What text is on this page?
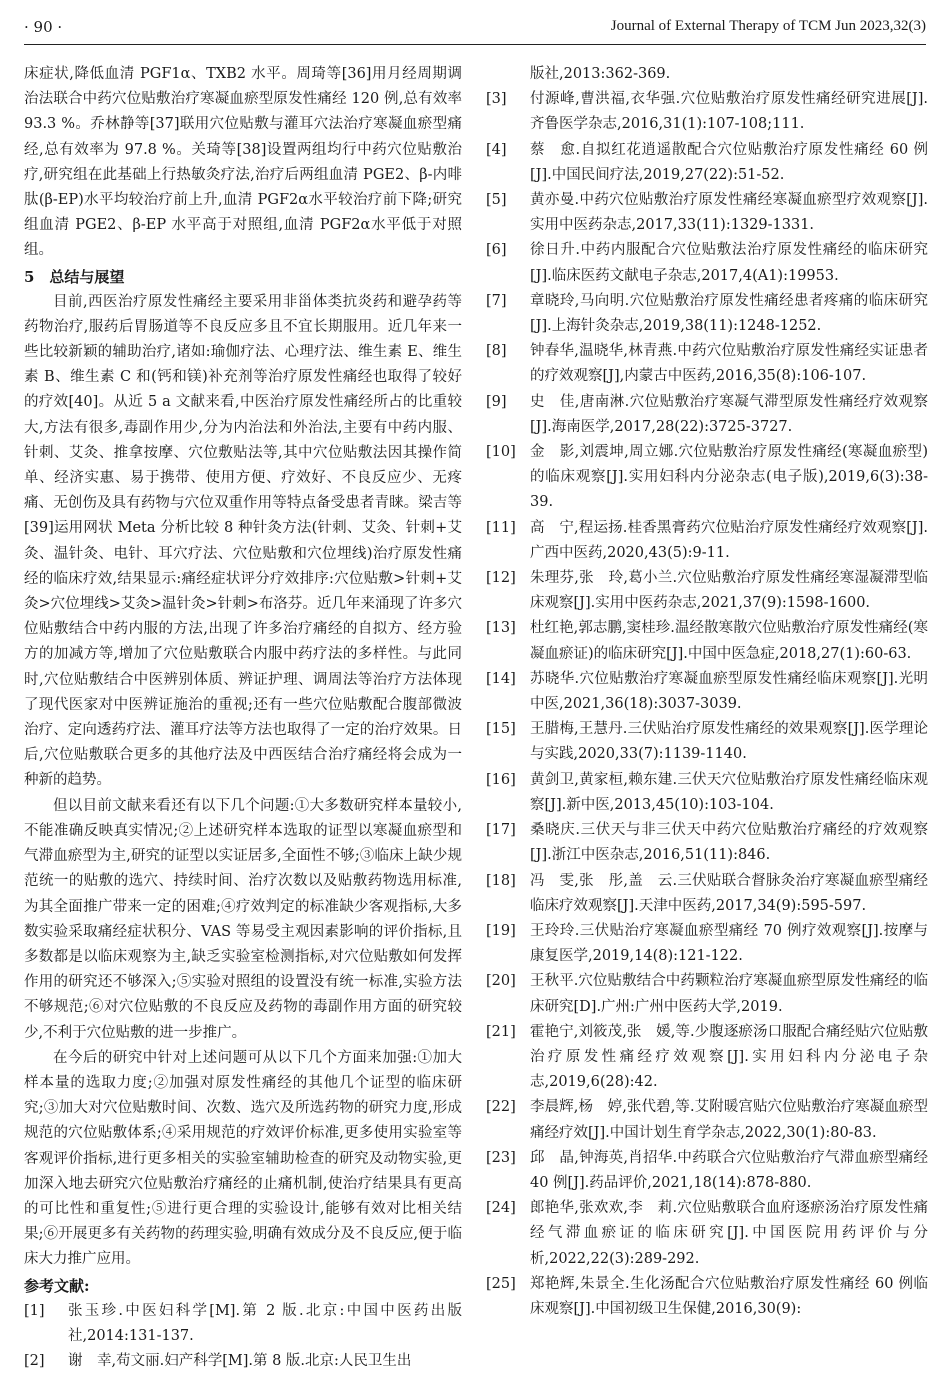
· 90 ·	Journal of External Therapy of TCM Jun 2023,32(3)

床症状,降低血清 PGF1α、TXB2 水平。周琦等[36]用月经周期调治法联合中药穴位贴敷治疗寒凝血瘀型原发性痛经 120 例,总有效率 93.3 %。乔林静等[37]联用穴位贴敷与灌耳穴法治疗寒凝血瘀型痛经,总有效率为 97.8 %。关琦等[38]设置两组均行中药穴位贴敷治疗,研究组在此基础上行热敏灸疗法,治疗后两组血清 PGE2、β-内啡肽(β-EP)水平均较治疗前上升,血清 PGF2α水平较治疗前下降;研究组血清 PGE2、β-EP 水平高于对照组,血清 PGF2α水平低于对照组。

5　总结与展望

目前,西医治疗原发性痛经主要采用非甾体类抗炎药和避孕药等药物治疗,服药后胃肠道等不良反应多且不宜长期服用。近几年来一些比较新颖的辅助治疗,诸如:瑜伽疗法、心理疗法、维生素 E、维生素 B、维生素 C 和(钙和镁)补充剂等治疗原发性痛经也取得了较好的疗效[40]。从近 5 a 文献来看,中医治疗原发性痛经所占的比重较大,方法有很多,毒副作用少,分为内治法和外治法,主要有中药内服、针刺、艾灸、推拿按摩、穴位敷贴法等,其中穴位贴敷法因其操作简单、经济实惠、易于携带、使用方便、疗效好、不良反应少、无疼痛、无创伤及具有药物与穴位双重作用等特点备受患者青睐。梁吉等[39]运用网状 Meta 分析比较 8 种针灸方法(针刺、艾灸、针刺+艾灸、温针灸、电针、耳穴疗法、穴位贴敷和穴位埋线)治疗原发性痛经的临床疗效,结果显示:痛经症状评分疗效排序:穴位贴敷>针刺+艾灸>穴位埋线>艾灸>温针灸>针刺>布洛芬。近几年来涌现了许多穴位贴敷结合中药内服的方法,出现了许多治疗痛经的自拟方、经方验方的加减方等,增加了穴位贴敷联合内服中药疗法的多样性。与此同时,穴位贴敷结合中医辨别体质、辨证护理、调周法等治疗方法体现了现代医家对中医辨证施治的重视;还有一些穴位贴敷配合腹部微波治疗、定向透药疗法、灌耳疗法等方法也取得了一定的治疗效果。日后,穴位贴敷联合更多的其他疗法及中西医结合治疗痛经将会成为一种新的趋势。

但以目前文献来看还有以下几个问题:①大多数研究样本量较小,不能准确反映真实情况;②上述研究样本选取的证型以寒凝血瘀型和气滞血瘀型为主,研究的证型以实证居多,全面性不够;③临床上缺少规范统一的贴敷的选穴、持续时间、治疗次数以及贴敷药物选用标准,为其全面推广带来一定的困难;④疗效判定的标准缺少客观指标,大多数实验采取痛经症状积分、VAS 等易受主观因素影响的评价指标,且多数都是以临床观察为主,缺乏实验室检测指标,对穴位贴敷如何发挥作用的研究还不够深入;⑤实验对照组的设置没有统一标准,实验方法不够规范;⑥对穴位贴敷的不良反应及药物的毒副作用方面的研究较少,不利于穴位贴敷的进一步推广。

在今后的研究中针对上述问题可从以下几个方面来加强:①加大样本量的选取力度;②加强对原发性痛经的其他几个证型的临床研究;③加大对穴位贴敷时间、次数、选穴及所选药物的研究力度,形成规范的穴位贴敷体系;④采用规范的疗效评价标准,更多使用实验室等客观评价指标,进行更多相关的实验室辅助检查的研究及动物实验,更加深入地去研究穴位贴敷治疗痛经的止痛机制,使治疗结果具有更高的可比性和重复性;⑤进行更合理的实验设计,能够有效对比相关结果;⑥开展更多有关药物的药理实验,明确有效成分及不良反应,便于临床大力推广应用。

参考文献:
[1]	张玉珍.中医妇科学[M].第 2 版.北京:中国中医药出版社,2014:131-137.
[2]	谢　幸,苟文丽.妇产科学[M].第 8 版.北京:人民卫生出
版社,2013:362-369.
[3]	付源峰,曹洪福,衣华强.穴位贴敷治疗原发性痛经研究进展[J].齐鲁医学杂志,2016,31(1):107-108;111.
[4]	蔡　愈.自拟红花逍遥散配合穴位贴敷治疗原发性痛经 60 例[J].中国民间疗法,2019,27(22):51-52.
[5]	黄亦曼.中药穴位贴敷治疗原发性痛经寒凝血瘀型疗效观察[J].实用中医药杂志,2017,33(11):1329-1331.
[6]	徐日升.中药内服配合穴位贴敷法治疗原发性痛经的临床研究[J].临床医药文献电子杂志,2017,4(A1):19953.
[7]	章晓玲,马向明.穴位贴敷治疗原发性痛经患者疼痛的临床研究[J].上海针灸杂志,2019,38(11):1248-1252.
[8]	钟春华,温晓华,林青燕.中药穴位贴敷治疗原发性痛经实证患者的疗效观察[J],内蒙古中医药,2016,35(8):106-107.
[9]	史　佳,唐南淋.穴位贴敷治疗寒凝气滞型原发性痛经疗效观察[J].海南医学,2017,28(22):3725-3727.
[10] 金　影,刘震坤,周立娜.穴位贴敷治疗原发性痛经(寒凝血瘀型)的临床观察[J].实用妇科内分泌杂志(电子版),2019,6(3):38-39.
[11] 高　宁,程运扬.桂香黑膏药穴位贴治疗原发性痛经疗效观察[J].广西中医药,2020,43(5):9-11.
[12] 朱理芬,张　玲,葛小兰.穴位贴敷治疗原发性痛经寒湿凝滞型临床观察[J].实用中医药杂志,2021,37(9):1598-1600.
[13] 杜红艳,郭志鹏,窦桂珍.温经散寒散穴位贴敷治疗原发性痛经(寒凝血瘀证)的临床研究[J].中国中医急症,2018,27(1):60-63.
[14] 苏晓华.穴位贴敷治疗寒凝血瘀型原发性痛经临床观察[J].光明中医,2021,36(18):3037-3039.
[15] 王腊梅,王慧丹.三伏贴治疗原发性痛经的效果观察[J].医学理论与实践,2020,33(7):1139-1140.
[16] 黄剑卫,黄家桓,赖东建.三伏天穴位贴敷治疗原发性痛经临床观察[J].新中医,2013,45(10):103-104.
[17] 桑晓庆.三伏天与非三伏天中药穴位贴敷治疗痛经的疗效观察[J].浙江中医杂志,2016,51(11):846.
[18] 冯　雯,张　彤,盖　云.三伏贴联合督脉灸治疗寒凝血瘀型痛经临床疗效观察[J].天津中医药,2017,34(9):595-597.
[19] 王玲玲.三伏贴治疗寒凝血瘀型痛经 70 例疗效观察[J].按摩与康复医学,2019,14(8):121-122.
[20] 王秋平.穴位贴敷结合中药颗粒治疗寒凝血瘀型原发性痛经的临床研究[D].广州:广州中医药大学,2019.
[21] 霍艳宁,刘筱茂,张　媛,等.少腹逐瘀汤口服配合痛经贴穴位贴敷治疗原发性痛经疗效观察[J].实用妇科内分泌电子杂志,2019,6(28):42.
[22] 李晨辉,杨　婷,张代碧,等.艾附暖宫贴穴位贴敷治疗寒凝血瘀型痛经疗效[J].中国计划生育学杂志,2022,30(1):80-83.
[23] 邱　晶,钟海英,肖招华.中药联合穴位贴敷治疗气滞血瘀型痛经 40 例[J].药品评价,2021,18(14):878-880.
[24] 郎艳华,张欢欢,李　莉.穴位贴敷联合血府逐瘀汤治疗原发性痛经气滞血瘀证的临床研究[J].中国医院用药评价与分析,2022,22(3):289-292.
[25] 郑艳辉,朱景全.生化汤配合穴位贴敷治疗原发性痛经 60 例临床观察[J].中国初级卫生保健,2016,30(9):
